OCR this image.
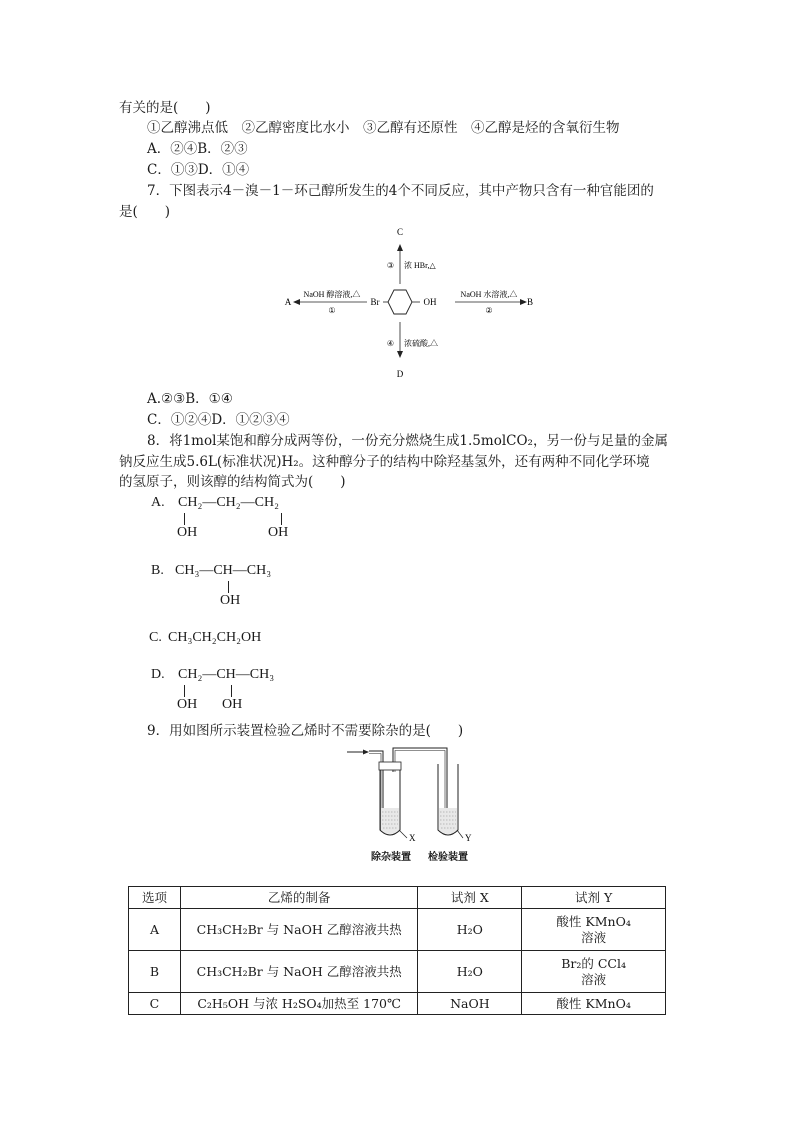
有关的是(　　)
①乙醇沸点低　②乙醇密度比水小　③乙醇有还原性　④乙醇是烃的含氧衍生物
A．②④B．②③
C．①③D．①④
7．下图表示4－溴－1－环己醇所发生的4个不同反应，其中产物只含有一种官能团的
是(　　)
C
D
A	B
③ 浓 HBr,△
④ 浓硫酸,△
NaOH 醇溶液,△
①
NaOH 水溶液,△
②
Br	OH
A.②③B．①④
C．①②④D．①②③④
8．将1mol某饱和醇分成两等份，一份充分燃烧生成1.5molCO₂，另一份与足量的金属
钠反应生成5.6L(标准状况)H₂。这种醇分子的结构中除羟基氢外，还有两种不同化学环境
的氢原子，则该醇的结构简式为(　　)
A. CH₂—CH₂—CH₂
OH	OH
B. CH₃—CH—CH₃
OH
C. CH₃CH₂CH₂OH
D. CH₂—CH—CH₃
OH OH
9．用如图所示装置检验乙烯时不需要除杂的是(　　)
X	Y
除杂装置 检验装置
选项	乙烯的制备	试剂 X	试剂 Y
A	CH₃CH₂Br 与 NaOH 乙醇溶液共热	H₂O	酸性 KMnO₄
溶液

B	CH₃CH₂Br 与 NaOH 乙醇溶液共热	H₂O	Br₂的 CCl₄
溶液

C	C₂H₅OH 与浓 H₂SO₄加热至 170℃	NaOH	酸性 KMnO₄
